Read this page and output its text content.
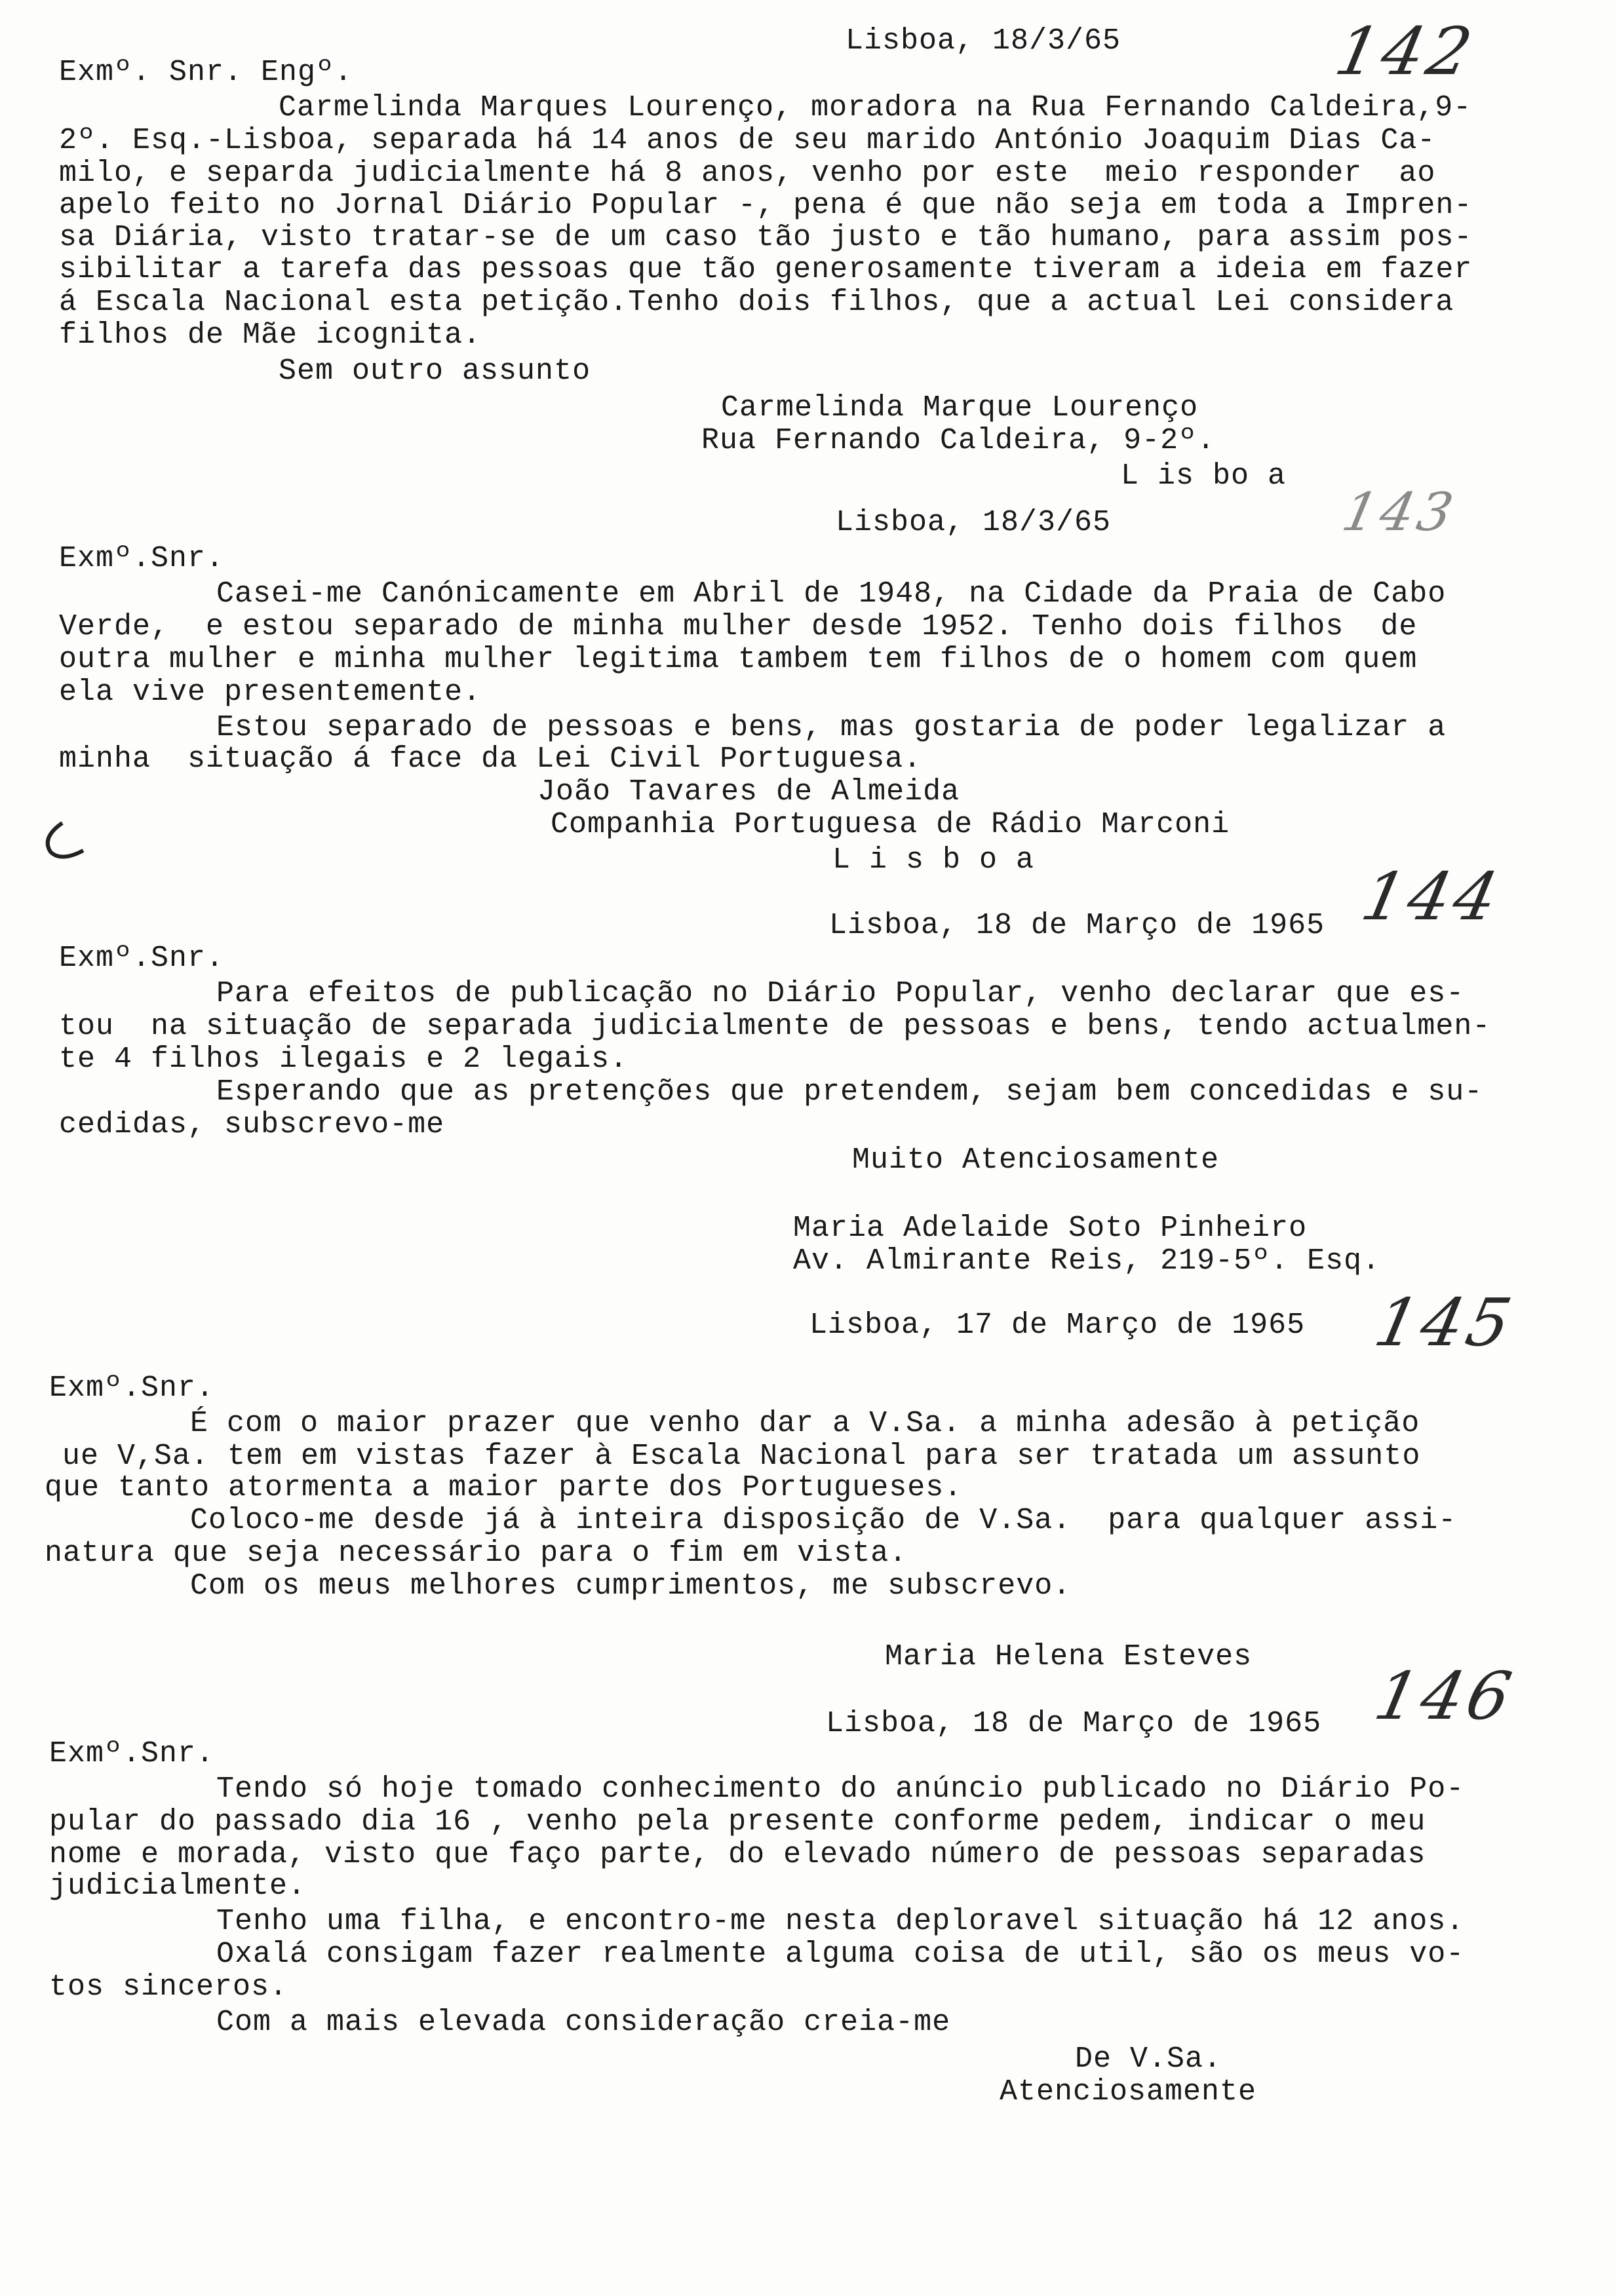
Lisboa, 18/3/65	142
Exmº. Snr. Engº.
Carmelinda Marques Lourenço, moradora na Rua Fernando Caldeira,9-
2º. Esq.-Lisboa, separada há 14 anos de seu marido António Joaquim Dias Ca-
milo, e separda judicialmente há 8 anos, venho por este  meio responder  ao
apelo feito no Jornal Diário Popular -, pena é que não seja em toda a Impren-
sa Diária, visto tratar-se de um caso tão justo e tão humano, para assim pos-
sibilitar a tarefa das pessoas que tão generosamente tiveram a ideia em fazer
á Escala Nacional esta petição.Tenho dois filhos, que a actual Lei considera
filhos de Mãe icognita.
Sem outro assunto
Carmelinda Marque Lourenço
Rua Fernando Caldeira, 9-2º.
L is bo a
Lisboa, 18/3/65	143
Exmº.Snr.
Casei-me Canónicamente em Abril de 1948, na Cidade da Praia de Cabo
Verde,  e estou separado de minha mulher desde 1952. Tenho dois filhos  de
outra mulher e minha mulher legitima tambem tem filhos de o homem com quem
ela vive presentemente.
Estou separado de pessoas e bens, mas gostaria de poder legalizar a
minha  situação á face da Lei Civil Portuguesa.
João Tavares de Almeida
Companhia Portuguesa de Rádio Marconi
L i s b o a
Lisboa, 18 de Março de 1965 144
Exmº.Snr.
Para efeitos de publicação no Diário Popular, venho declarar que es-
tou  na situação de separada judicialmente de pessoas e bens, tendo actualmen-
te 4 filhos ilegais e 2 legais.
Esperando que as pretenções que pretendem, sejam bem concedidas e su-
cedidas, subscrevo-me
Muito Atenciosamente
Maria Adelaide Soto Pinheiro
Av. Almirante Reis, 219-5º. Esq.
Lisboa, 17 de Março de 1965 145
Exmº.Snr.
É com o maior prazer que venho dar a V.Sa. a minha adesão à petição
ue V,Sa. tem em vistas fazer à Escala Nacional para ser tratada um assunto
que tanto atormenta a maior parte dos Portugueses.
Coloco-me desde já à inteira disposição de V.Sa.  para qualquer assi-
natura que seja necessário para o fim em vista.
Com os meus melhores cumprimentos, me subscrevo.
Maria Helena Esteves
Lisboa, 18 de Março de 1965 146
Exmº.Snr.
Tendo só hoje tomado conhecimento do anúncio publicado no Diário Po-
pular do passado dia 16 , venho pela presente conforme pedem, indicar o meu
nome e morada, visto que faço parte, do elevado número de pessoas separadas
judicialmente.
Tenho uma filha, e encontro-me nesta deploravel situação há 12 anos.
Oxalá consigam fazer realmente alguma coisa de util, são os meus vo-
tos sinceros.
Com a mais elevada consideração creia-me
De V.Sa.
Atenciosamente
